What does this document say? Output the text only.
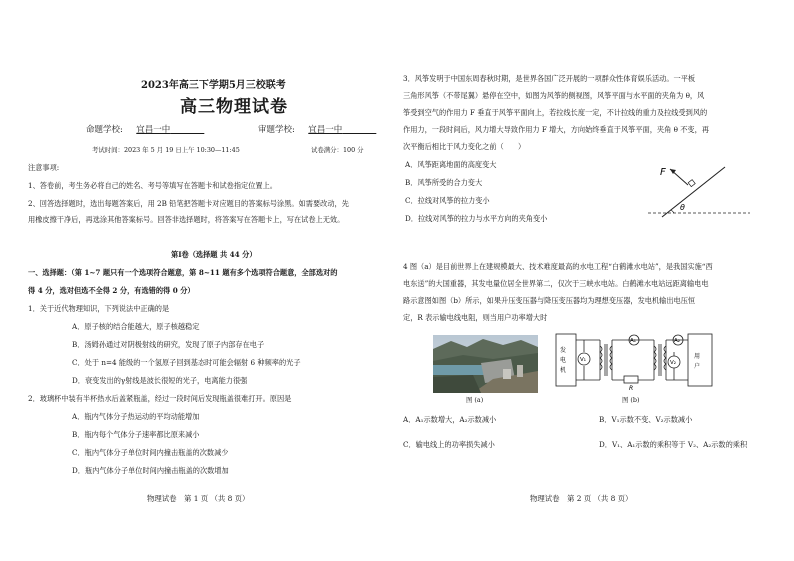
2023年高三下学期5月三校联考
高三物理试卷
命题学校: 宜昌一中　　　　	审题学校: 宜昌一中　　　　
考试时间：2023 年 5 月 19 日上午 10:30—11:45	试卷满分：100 分
注意事项:
1、答卷前，考生务必将自己的姓名、考号等填写在答题卡和试卷指定位置上。
2、回答选择题时，选出每题答案后，用 2B 铅笔把答题卡对应题目的答案标号涂黑。如需要改动，先
用橡皮擦干净后，再选涂其他答案标号。回答非选择题时，将答案写在答题卡上，写在试卷上无效。
第Ⅰ卷（选择题 共 44 分）
一、选择题：（第 1~7 题只有一个选项符合题意，第 8~11 题有多个选项符合题意，全部选对的
得 4 分，选对但选不全得 2 分，有选错的得 0 分）
1．关于近代物理知识，下列说法中正确的是
A．原子核的结合能越大，原子核越稳定
B．汤姆孙通过对阴极射线的研究，发现了原子内部存在电子
C．处于 n=4 能级的一个氢原子回到基态时可能会辐射 6 种频率的光子
D．衰变发出的γ射线是波长很短的光子，电离能力很强
2．玻璃杯中装有半杯热水后盖紧瓶盖，经过一段时间后发现瓶盖很难打开。原因是
A．瓶内气体分子热运动的平均动能增加
B．瓶内每个气体分子速率都比原来减小
C．瓶内气体分子单位时间内撞击瓶盖的次数减少
D．瓶内气体分子单位时间内撞击瓶盖的次数增加
物理试卷　第 1 页 （共 8 页）
3．风筝发明于中国东周春秋时期，是世界各国广泛开展的一项群众性体育娱乐活动。一平板
三角形风筝（不带尾翼）悬停在空中，如图为风筝的侧视图，风筝平面与水平面的夹角为 θ，风
筝受到空气的作用力 F 垂直于风筝平面向上，若拉线长度一定，不计拉线的重力及拉线受到风的
作用力，一段时间后，风力增大导致作用力 F 增大，方向始终垂直于风筝平面，夹角 θ 不变，再
次平衡后相比于风力变化之前（　　）
A．风筝距离地面的高度变大
B．风筝所受的合力变大
C．拉线对风筝的拉力变小
D．拉线对风筝的拉力与水平方向的夹角变小
F
θ
4 图（a）是目前世界上在建规模最大、技术难度最高的水电工程“白鹤滩水电站”，是我国实施“西
电东送”的大国重器，其发电量位居全世界第二，仅次于三峡水电站。白鹤滩水电站远距离输电电
路示意图如图（b）所示，如果升压变压器与降压变压器均为理想变压器，发电机输出电压恒
定，R 表示输电线电阻，则当用户功率增大时
图 (a)
发
电
机
用
户
V₁	V₂
A₁	A₂
R
图 (b)
A．A₁示数增大，A₂示数减小	B．V₁示数不变、V₂示数减小
C．输电线上的功率损失减小	D．V₁、A₁示数的乘积等于 V₂、A₂示数的乘积
物理试卷　第 2 页 （共 8 页）
